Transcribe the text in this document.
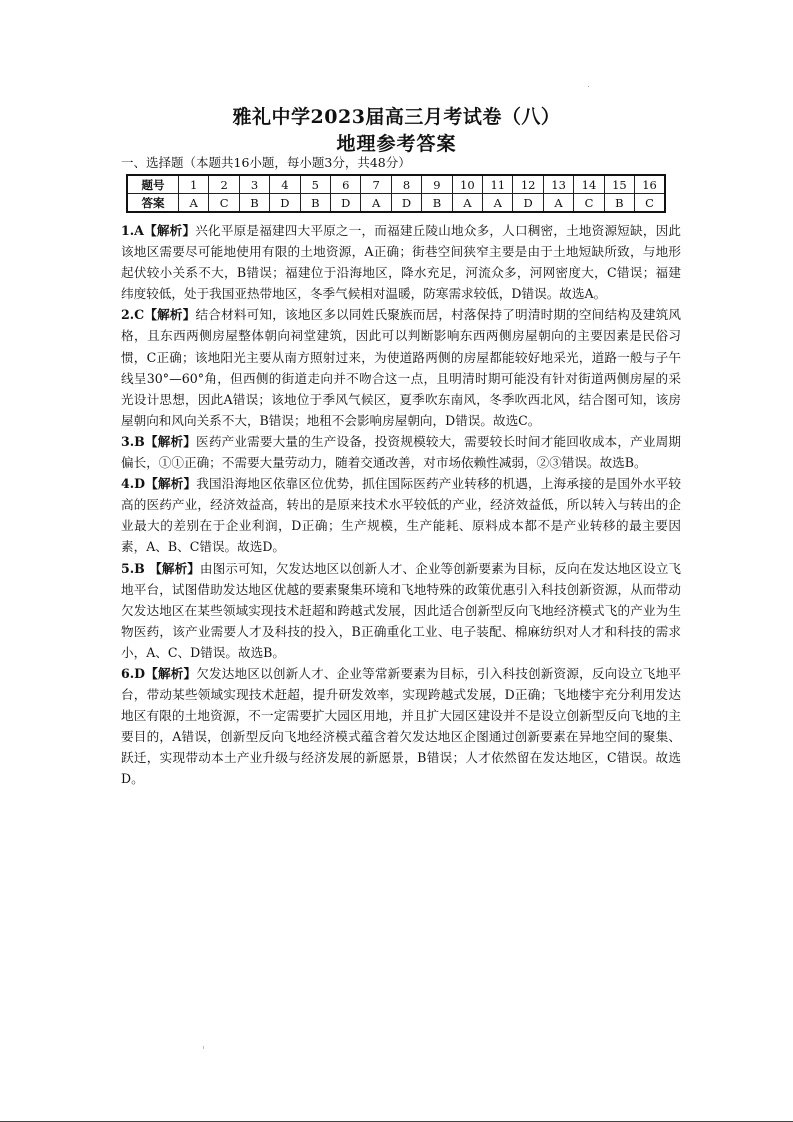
雅礼中学2023届高三月考试卷（八）
地理参考答案
一、选择题（本题共16小题，每小题3分，共48分）
题号	1	2	3	4	5	6	7	8	9	10	11	12	13	14	15	16
答案	A	C	B	D	B	D	A	D	B	A	A	D	A	C	B	C

1.A【解析】兴化平原是福建四大平原之一，而福建丘陵山地众多，人口稠密，土地资源短缺，因此该地区需要尽可能地使用有限的土地资源，A正确；街巷空间狭窄主要是由于土地短缺所致，与地形起伏较小关系不大，B错误；福建位于沿海地区，降水充足，河流众多，河网密度大，C错误；福建纬度较低，处于我国亚热带地区，冬季气候相对温暖，防寒需求较低，D错误。故选A。

2.C【解析】结合材料可知，该地区多以同姓氏聚族而居，村落保持了明清时期的空间结构及建筑风格，且东西两侧房屋整体朝向祠堂建筑，因此可以判断影响东西两侧房屋朝向的主要因素是民俗习惯，C正确；该地阳光主要从南方照射过来，为使道路两侧的房屋都能较好地采光，道路一般与子午线呈30°—60°角，但西侧的街道走向并不吻合这一点，且明清时期可能没有针对街道两侧房屋的采光设计思想，因此A错误；该地位于季风气候区，夏季吹东南风，冬季吹西北风，结合图可知，该房屋朝向和风向关系不大，B错误；地租不会影响房屋朝向，D错误。故选C。

3.B【解析】医药产业需要大量的生产设备，投资规模较大，需要较长时间才能回收成本，产业周期偏长，①①正确；不需要大量劳动力，随着交通改善，对市场依赖性减弱，②③错误。故选B。

4.D【解析】我国沿海地区依靠区位优势，抓住国际医药产业转移的机遇，上海承接的是国外水平较高的医药产业，经济效益高，转出的是原来技术水平较低的产业，经济效益低，所以转入与转出的企业最大的差别在于企业利润，D正确；生产规模，生产能耗、原料成本都不是产业转移的最主要因素，A、B、C错误。故选D。

5.B 【解析】由图示可知，欠发达地区以创新人才、企业等创新要素为目标，反向在发达地区设立飞地平台，试图借助发达地区优越的要素聚集环境和飞地特殊的政策优惠引入科技创新资源，从而带动欠发达地区在某些领域实现技术赶超和跨越式发展，因此适合创新型反向飞地经济模式飞的产业为生物医药，该产业需要人才及科技的投入，B正确重化工业、电子装配、棉麻纺织对人才和科技的需求小，A、C、D错误。故选B。

6.D【解析】欠发达地区以创新人才、企业等常新要素为目标，引入科技创新资源，反向设立飞地平台，带动某些领域实现技术赶超，提升研发效率，实现跨越式发展，D正确；飞地楼宇充分利用发达地区有限的土地资源，不一定需要扩大园区用地，并且扩大园区建设并不是设立创新型反向飞地的主要目的，A错误，创新型反向飞地经济模式蕴含着欠发达地区企图通过创新要素在异地空间的聚集、跃迁，实现带动本土产业升级与经济发展的新愿景，B错误；人才依然留在发达地区，C错误。故选D。
